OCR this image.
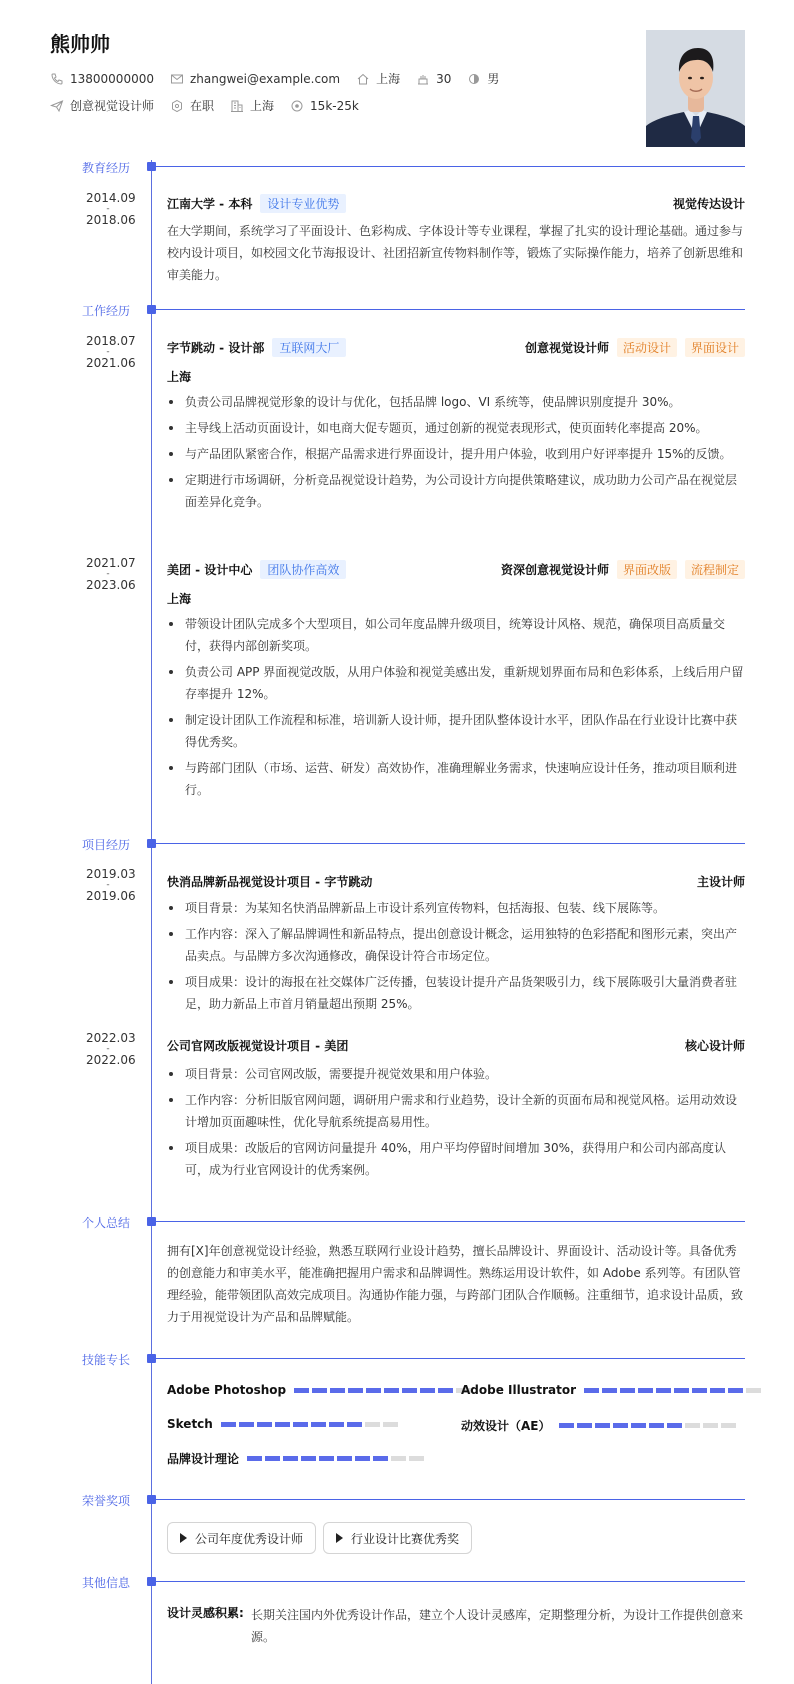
熊帅帅
13800000000	zhangwei@example.com	上海	30	男
创意视觉设计师	在职	上海	15k-25k
教育经历
2014.09
-
2018.06
江南大学 - 本科	设计专业优势	视觉传达设计
在大学期间，系统学习了平面设计、色彩构成、字体设计等专业课程，掌握了扎实的设计理论基础。通过参与校内设计项目，如校园文化节海报设计、社团招新宣传物料制作等，锻炼了实际操作能力，培养了创新思维和审美能力。
工作经历
2018.07
-
2021.06
字节跳动 - 设计部	互联网大厂	创意视觉设计师	活动设计	界面设计
上海
负责公司品牌视觉形象的设计与优化，包括品牌 logo、VI 系统等，使品牌识别度提升 30%。
主导线上活动页面设计，如电商大促专题页，通过创新的视觉表现形式，使页面转化率提高 20%。
与产品团队紧密合作，根据产品需求进行界面设计，提升用户体验，收到用户好评率提升 15%的反馈。
定期进行市场调研，分析竞品视觉设计趋势，为公司设计方向提供策略建议，成功助力公司产品在视觉层面差异化竞争。
2021.07
-
2023.06
美团 - 设计中心	团队协作高效	资深创意视觉设计师	界面改版	流程制定
上海
带领设计团队完成多个大型项目，如公司年度品牌升级项目，统筹设计风格、规范，确保项目高质量交付，获得内部创新奖项。
负责公司 APP 界面视觉改版，从用户体验和视觉美感出发，重新规划界面布局和色彩体系，上线后用户留存率提升 12%。
制定设计团队工作流程和标准，培训新人设计师，提升团队整体设计水平，团队作品在行业设计比赛中获得优秀奖。
与跨部门团队（市场、运营、研发）高效协作，准确理解业务需求，快速响应设计任务，推动项目顺利进行。
项目经历
2019.03
-
2019.06
快消品牌新品视觉设计项目 - 字节跳动	主设计师
项目背景：为某知名快消品牌新品上市设计系列宣传物料，包括海报、包装、线下展陈等。
工作内容：深入了解品牌调性和新品特点，提出创意设计概念，运用独特的色彩搭配和图形元素，突出产品卖点。与品牌方多次沟通修改，确保设计符合市场定位。
项目成果：设计的海报在社交媒体广泛传播，包装设计提升产品货架吸引力，线下展陈吸引大量消费者驻足，助力新品上市首月销量超出预期 25%。
2022.03
-
2022.06
公司官网改版视觉设计项目 - 美团	核心设计师
项目背景：公司官网改版，需要提升视觉效果和用户体验。
工作内容：分析旧版官网问题，调研用户需求和行业趋势，设计全新的页面布局和视觉风格。运用动效设计增加页面趣味性，优化导航系统提高易用性。
项目成果：改版后的官网访问量提升 40%，用户平均停留时间增加 30%，获得用户和公司内部高度认可，成为行业官网设计的优秀案例。
个人总结
拥有[X]年创意视觉设计经验，熟悉互联网行业设计趋势，擅长品牌设计、界面设计、活动设计等。具备优秀的创意能力和审美水平，能准确把握用户需求和品牌调性。熟练运用设计软件，如 Adobe 系列等。有团队管理经验，能带领团队高效完成项目。沟通协作能力强，与跨部门团队合作顺畅。注重细节，追求设计品质，致力于用视觉设计为产品和品牌赋能。
技能专长
Adobe Photoshop	Adobe Illustrator
Sketch	动效设计（AE）
品牌设计理论
荣誉奖项
公司年度优秀设计师	行业设计比赛优秀奖
其他信息
设计灵感积累: 长期关注国内外优秀设计作品，建立个人设计灵感库，定期整理分析，为设计工作提供创意来源。
